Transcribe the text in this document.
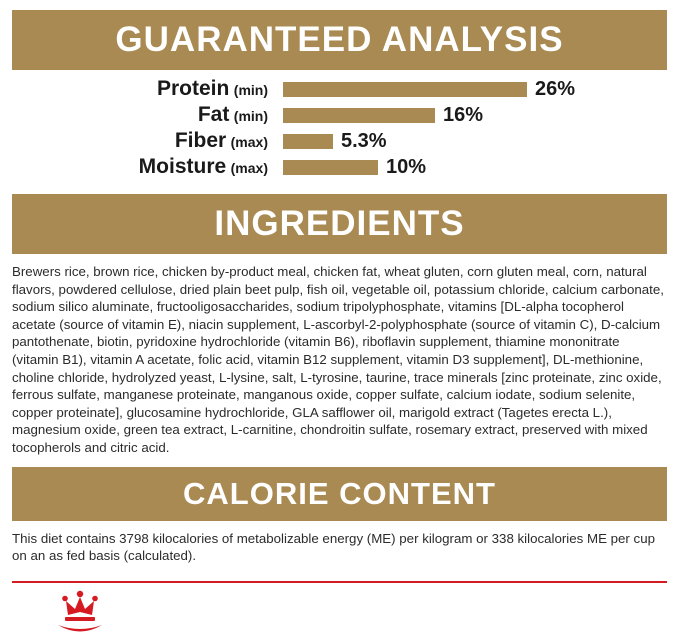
GUARANTEED ANALYSIS
Protein (min)	26%

Fat (min)	16%

Fiber (max)	5.3%

Moisture (max)	10%
INGREDIENTS

Brewers rice, brown rice, chicken by-product meal, chicken fat, wheat gluten, corn gluten meal, corn, natural flavors, powdered cellulose, dried plain beet pulp, fish oil, vegetable oil, potassium chloride, calcium carbonate, sodium silico aluminate, fructooligosaccharides, sodium tripolyphosphate, vitamins [DL-alpha tocopherol acetate (source of vitamin E), niacin supplement, L-ascorbyl-2-polyphosphate (source of vitamin C), D-calcium pantothenate, biotin, pyridoxine hydrochloride (vitamin B6), riboflavin supplement, thiamine mononitrate (vitamin B1), vitamin A acetate, folic acid, vitamin B12 supplement, vitamin D3 supplement], DL-methionine, choline chloride, hydrolyzed yeast, L-lysine, salt, L-tyrosine, taurine, trace minerals [zinc proteinate, zinc oxide, ferrous sulfate, manganese proteinate, manganous oxide, copper sulfate, calcium iodate, sodium selenite, copper proteinate], glucosamine hydrochloride, GLA safflower oil, marigold extract (Tagetes erecta L.), magnesium oxide, green tea extract, L-carnitine, chondroitin sulfate, rosemary extract, preserved with mixed tocopherols and citric acid.

CALORIE CONTENT

This diet contains 3798 kilocalories of metabolizable energy (ME) per kilogram or 338 kilocalories ME per cup on an as fed basis (calculated).
